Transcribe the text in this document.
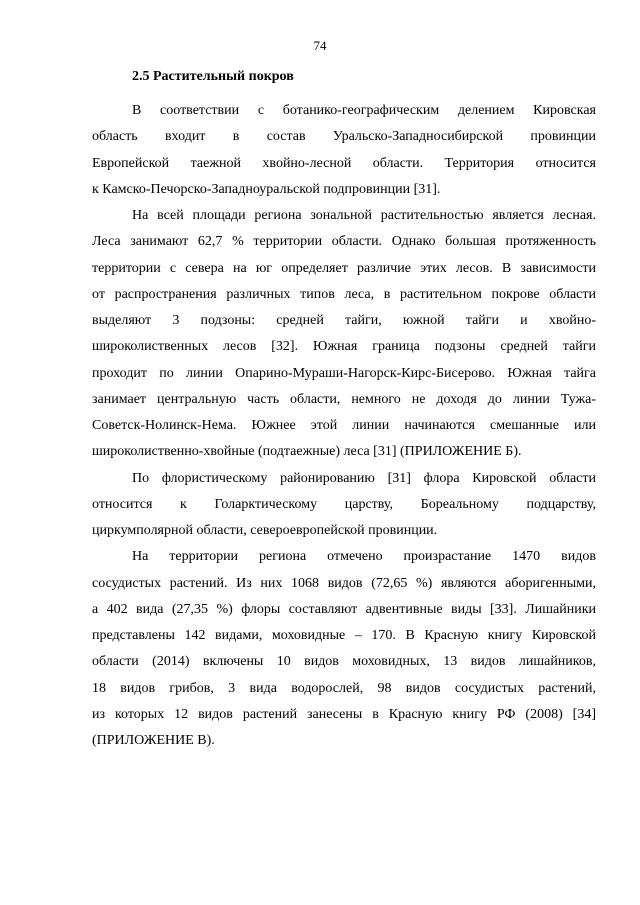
74
2.5 Растительный покров
В соответствии с ботанико-географическим делением Кировская
область входит в состав Уральско-Западносибирской провинции
Европейской таежной хвойно-лесной области. Территория относится
к Камско-Печорско-Западноуральской подпровинции [31].
На всей площади региона зональной растительностью является лесная.
Леса занимают 62,7 % территории области. Однако большая протяженность
территории с севера на юг определяет различие этих лесов. В зависимости
от распространения различных типов леса, в растительном покрове области
выделяют 3 подзоны: средней тайги, южной тайги и хвойно-
широколиственных лесов [32]. Южная граница подзоны средней тайги
проходит по линии Опарино-Мураши-Нагорск-Кирс-Бисерово. Южная тайга
занимает центральную часть области, немного не доходя до линии Тужа-
Советск-Нолинск-Нема. Южнее этой линии начинаются смешанные или
широколиственно-хвойные (подтаежные) леса [31] (ПРИЛОЖЕНИЕ Б).
По флористическому районированию [31] флора Кировской области
относится к Голарктическому царству, Бореальному подцарству,
циркумполярной области, североевропейской провинции.
На территории региона отмечено произрастание 1470 видов
сосудистых растений. Из них 1068 видов (72,65 %) являются аборигенными,
а 402 вида (27,35 %) флоры составляют адвентивные виды [33]. Лишайники
представлены 142 видами, моховидные – 170. В Красную книгу Кировской
области (2014) включены 10 видов моховидных, 13 видов лишайников,
18 видов грибов, 3 вида водорослей, 98 видов сосудистых растений,
из которых 12 видов растений занесены в Красную книгу РФ (2008) [34]
(ПРИЛОЖЕНИЕ В).
